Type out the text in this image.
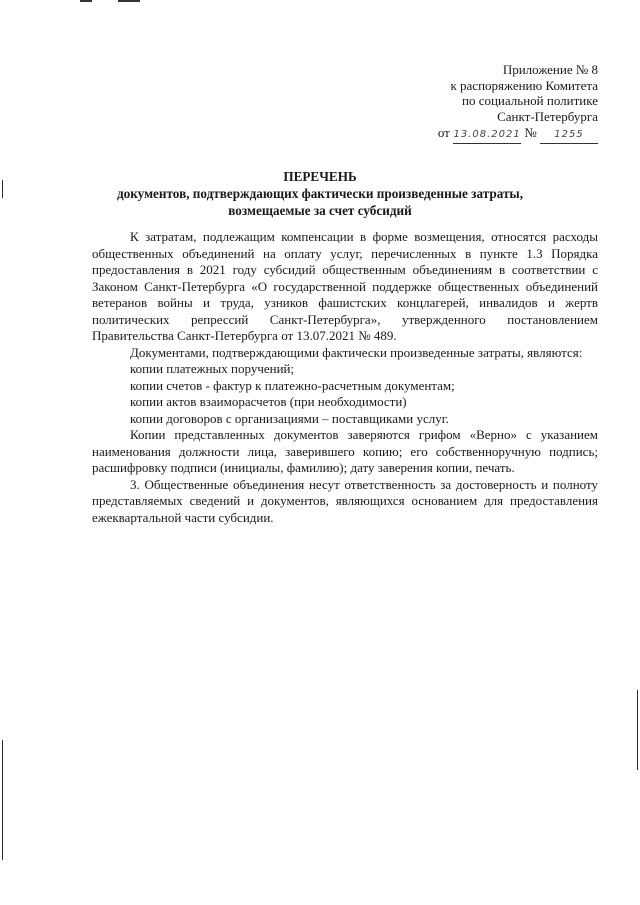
Приложение № 8
к распоряжению Комитета
по социальной политике
Санкт-Петербурга
от 13.08.2021 № 1255
ПЕРЕЧЕНЬ
документов, подтверждающих фактически произведенные затраты,
возмещаемые за счет субсидий

К затратам, подлежащим компенсации в форме возмещения, относятся расходы общественных объединений на оплату услуг, перечисленных в пункте 1.3 Порядка предоставления в 2021 году субсидий общественным объединениям в соответствии с Законом Санкт-Петербурга «О государственной поддержке общественных объединений ветеранов войны и труда, узников фашистских концлагерей, инвалидов и жертв политических репрессий Санкт-Петербурга», утвержденного постановлением Правительства Санкт-Петербурга от 13.07.2021 № 489.

Документами, подтверждающими фактически произведенные затраты, являются:

копии платежных поручений;

копии счетов - фактур к платежно-расчетным документам;

копии актов взаиморасчетов (при необходимости)

копии договоров с организациями – поставщиками услуг.

Копии представленных документов заверяются грифом «Верно» с указанием наименования должности лица, заверившего копию; его собственноручную подпись; расшифровку подписи (инициалы, фамилию); дату заверения копии, печать.

3. Общественные объединения несут ответственность за достоверность и полноту представляемых сведений и документов, являющихся основанием для предоставления ежеквартальной части субсидии.
